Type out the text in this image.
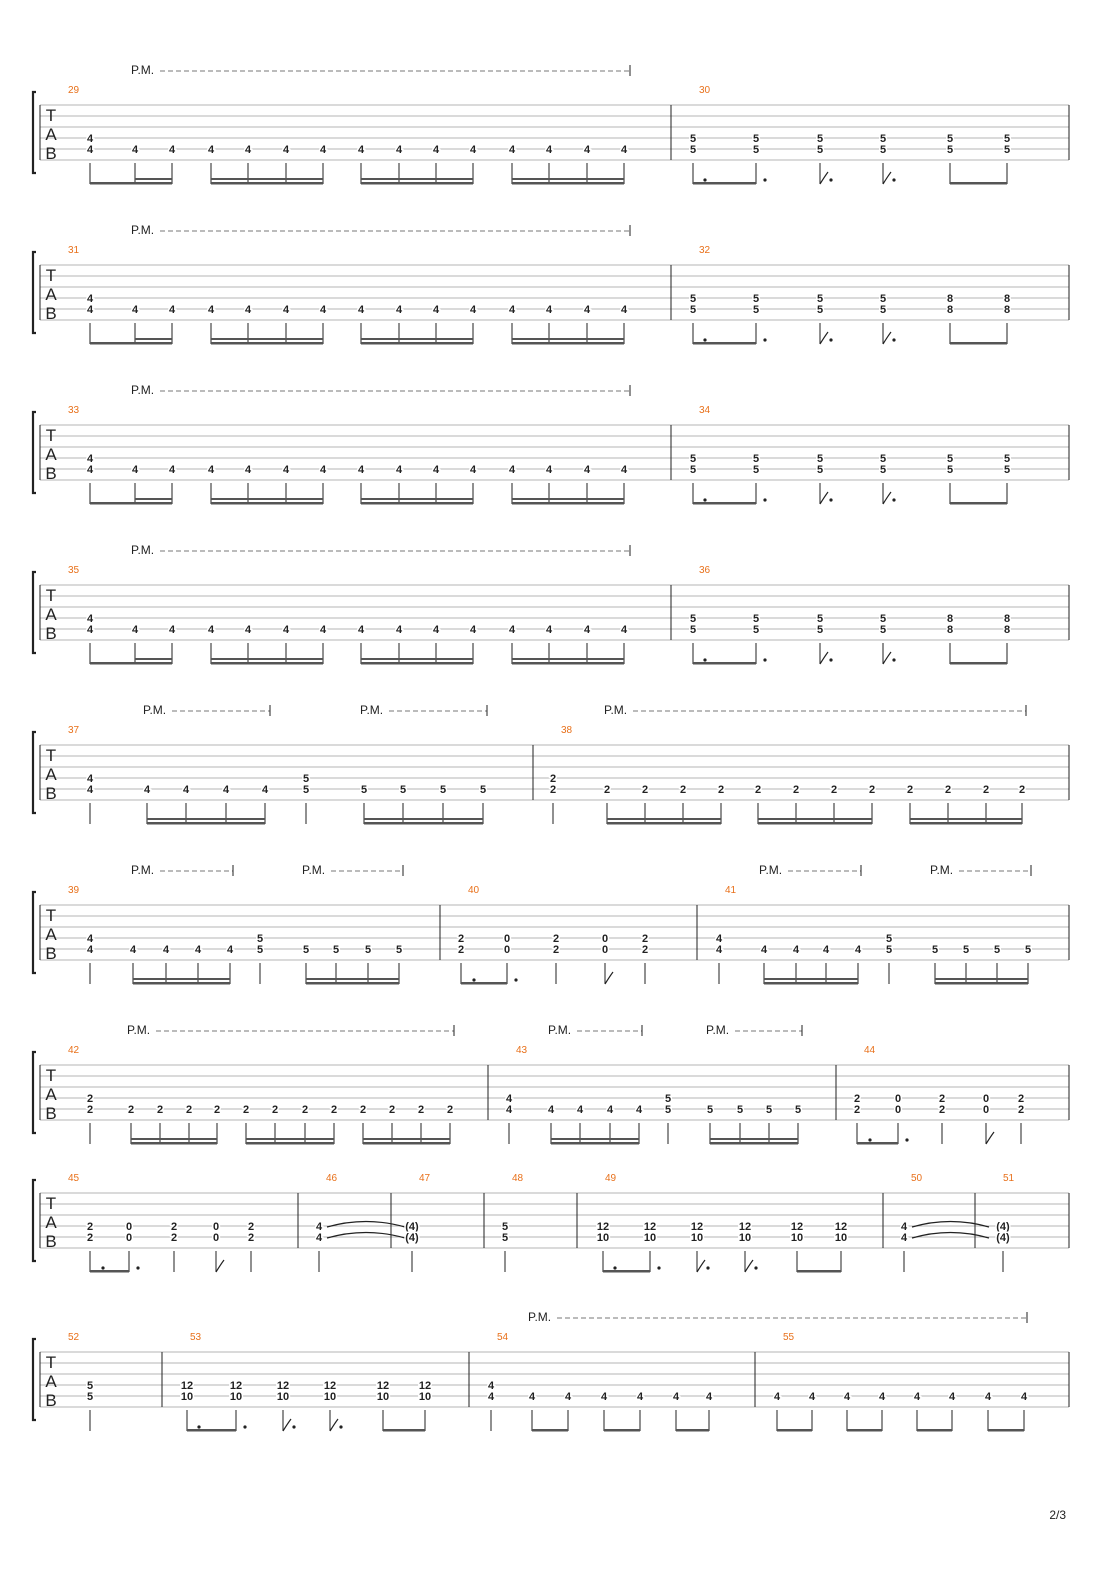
T
A
B
P.M.
29
4
4	4	4	4	4	4	4	4	4	4	4	4	4	4	4
30
5
5
5
5
5
5
5
5
5
5
5
5
T
A
B
P.M.
31
4
4	4	4	4	4	4	4	4	4	4	4	4	4	4	4
32
5
5
5
5
5
5
5
5
8
8
8
8
T
A
B
P.M.
33
4
4	4	4	4	4	4	4	4	4	4	4	4	4	4	4
34
5
5
5
5
5
5
5
5
5
5
5
5
T
A
B
P.M.
35
4
4	4	4	4	4	4	4	4	4	4	4	4	4	4	4
36
5
5
5
5
5
5
5
5
8
8
8
8
T
A
B
P.M.	P.M.	P.M.
37
4
4	4	4	4	4
5
5	5	5	5	5
38
2
2	2	2	2	2	2	2	2	2	2	2	2	2
T
A
B
P.M.	P.M.	P.M.	P.M.
39
4
4	4 4 4 4
5
5	5 5 5 5
40
2
2
0
0
2
2
0
0
2
2
41
4
4	4 4 4 4
5
5	5 5 5 5
T
A
B
P.M.	P.M.	P.M.
42
2
2	2 2 2 2 2 2 2 2 2 2 2 2
43
4
4	4 4 4 4
5
5	5 5 5 5
44
2
2
0
0
2
2
0
0
2
2
T
A
B
45
2
2
0
0
2
2
0
0
2
2
46
4
4
47
(4)
(4)
48
5
5
49
12
10
12
10
12
10
12
10
12
10
12
10
50
4
4
51
(4)
(4)
T
A
B
P.M.
52
5
5
53
12
10
12
10
12
10
12
10
12
10
12
10
54
4
4	4	4	4	4	4 4
55
4	4	4	4	4	4	4	4
2/3
